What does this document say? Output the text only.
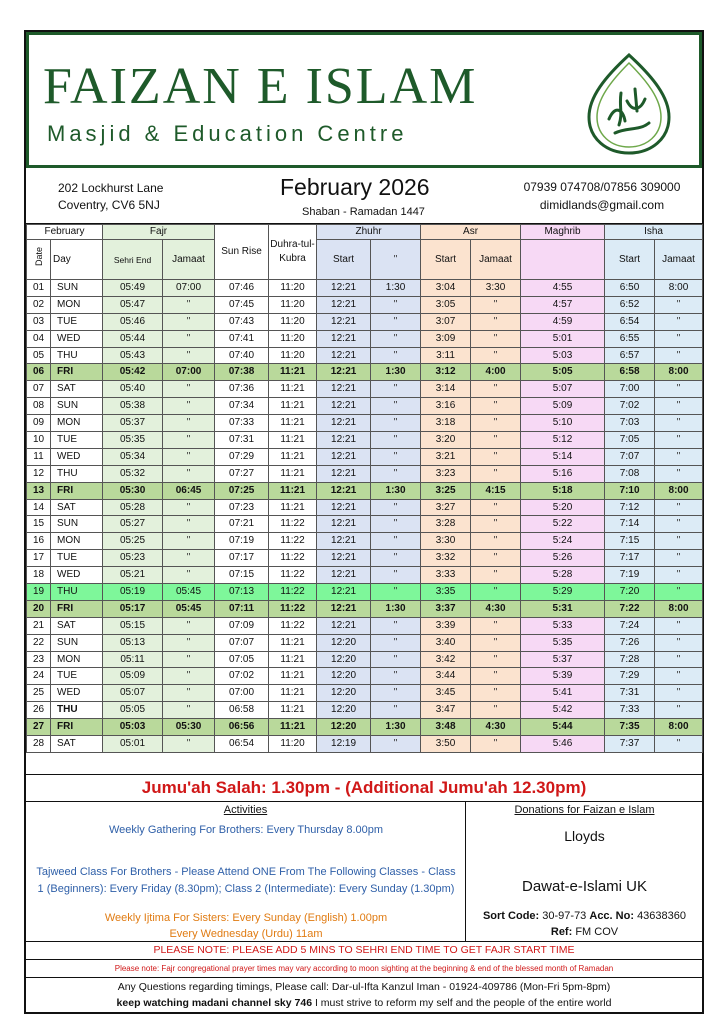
FAIZAN E ISLAM
Masjid & Education Centre
202 Lockhurst Lane
Coventry, CV6 5NJ
February 2026
Shaban - Ramadan 1447
07939 074708/07856 309000
dimidlands@gmail.com
February		Fajr		Sun Rise	Duhra-tul-Kubra	Zhuhr		Asr		Maghrib	Isha	
Date	Day	Sehri End	Jamaat			Start	"	Start	Jamaat		Start	Jamaat
01	SUN	05:49	07:00	07:46	11:20	12:21	1:30	3:04	3:30	4:55	6:50	8:00
02	MON	05:47	"	07:45	11:20	12:21	"	3:05	"	4:57	6:52	"
03	TUE	05:46	"	07:43	11:20	12:21	"	3:07	"	4:59	6:54	"
04	WED	05:44	"	07:41	11:20	12:21	"	3:09	"	5:01	6:55	"
05	THU	05:43	"	07:40	11:20	12:21	"	3:11	"	5:03	6:57	"
06	FRI	05:42	07:00	07:38	11:21	12:21	1:30	3:12	4:00	5:05	6:58	8:00
07	SAT	05:40	"	07:36	11:21	12:21	"	3:14	"	5:07	7:00	"
08	SUN	05:38	"	07:34	11:21	12:21	"	3:16	"	5:09	7:02	"
09	MON	05:37	"	07:33	11:21	12:21	"	3:18	"	5:10	7:03	"
10	TUE	05:35	"	07:31	11:21	12:21	"	3:20	"	5:12	7:05	"
11	WED	05:34	"	07:29	11:21	12:21	"	3:21	"	5:14	7:07	"
12	THU	05:32	"	07:27	11:21	12:21	"	3:23	"	5:16	7:08	"
13	FRI	05:30	06:45	07:25	11:21	12:21	1:30	3:25	4:15	5:18	7:10	8:00
14	SAT	05:28	"	07:23	11:21	12:21	"	3:27	"	5:20	7:12	"
15	SUN	05:27	"	07:21	11:22	12:21	"	3:28	"	5:22	7:14	"
16	MON	05:25	"	07:19	11:22	12:21	"	3:30	"	5:24	7:15	"
17	TUE	05:23	"	07:17	11:22	12:21	"	3:32	"	5:26	7:17	"
18	WED	05:21	"	07:15	11:22	12:21	"	3:33	"	5:28	7:19	"
19	THU	05:19	05:45	07:13	11:22	12:21	"	3:35	"	5:29	7:20	"
20	FRI	05:17	05:45	07:11	11:22	12:21	1:30	3:37	4:30	5:31	7:22	8:00
21	SAT	05:15	"	07:09	11:22	12:21	"	3:39	"	5:33	7:24	"
22	SUN	05:13	"	07:07	11:21	12:20	"	3:40	"	5:35	7:26	"
23	MON	05:11	"	07:05	11:21	12:20	"	3:42	"	5:37	7:28	"
24	TUE	05:09	"	07:02	11:21	12:20	"	3:44	"	5:39	7:29	"
25	WED	05:07	"	07:00	11:21	12:20	"	3:45	"	5:41	7:31	"
26	THU	05:05	"	06:58	11:21	12:20	"	3:47	"	5:42	7:33	"
27	FRI	05:03	05:30	06:56	11:21	12:20	1:30	3:48	4:30	5:44	7:35	8:00
28	SAT	05:01	"	06:54	11:20	12:19	"	3:50	"	5:46	7:37	"
Jumu'ah Salah: 1.30pm - (Additional Jumu'ah 12.30pm)
Activities
Weekly Gathering For Brothers: Every Thursday 8.00pm
Tajweed Class For Brothers - Please Attend ONE From The Following Classes - Class 1 (Beginners): Every Friday (8.30pm); Class 2 (Intermediate): Every Sunday (1.30pm)
Weekly Ijtima For Sisters: Every Sunday (English) 1.00pm
Every Wednesday (Urdu) 11am
Donations for Faizan e Islam
Lloyds
Dawat-e-Islami UK
Sort Code: 30-97-73 Acc. No: 43638360
Ref: FM COV
PLEASE NOTE: PLEASE ADD 5 MINS TO SEHRI END TIME TO GET FAJR START TIME
Please note: Fajr congregational prayer times may vary according to moon sighting at the beginning & end of the blessed month of Ramadan
Any Questions regarding timings, Please call: Dar-ul-Ifta Kanzul Iman - 01924-409786 (Mon-Fri 5pm-8pm)
keep watching madani channel sky 746 I must strive to reform my self and the people of the entire world
